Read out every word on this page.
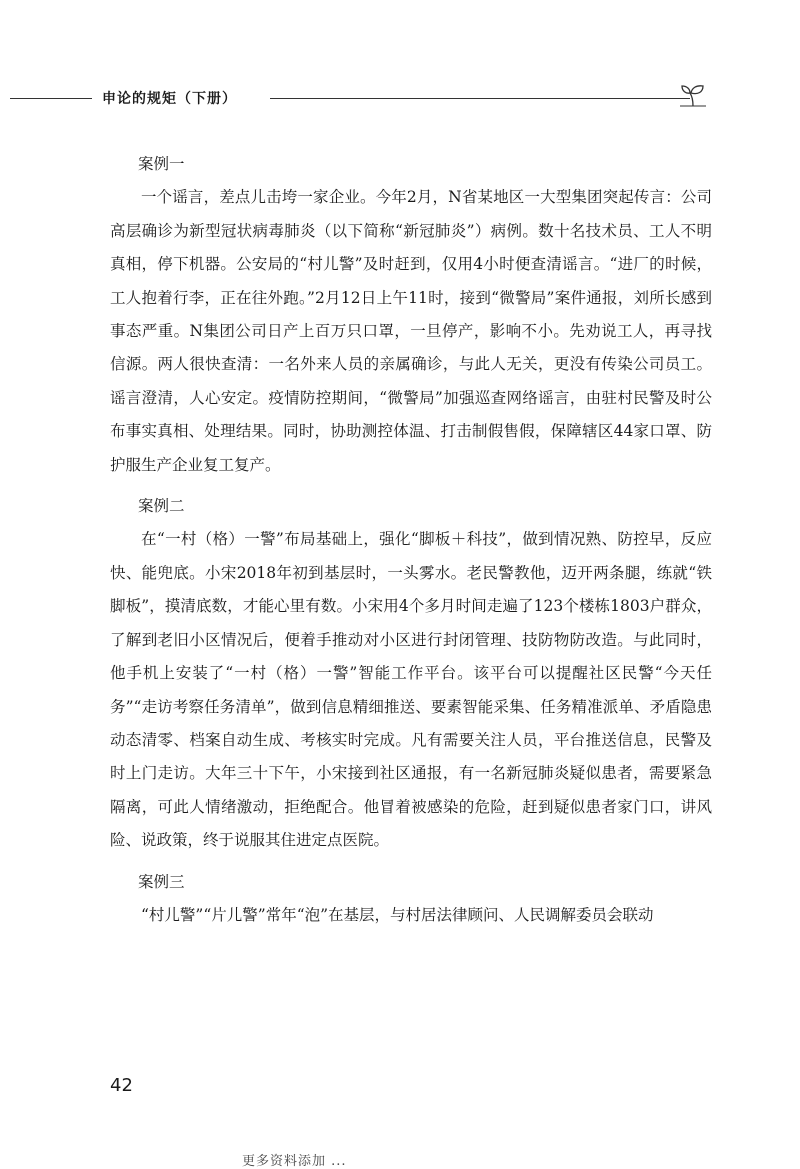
申论的规矩（下册）
案例一

一个谣言，差点儿击垮一家企业。今年2月，N省某地区一大型集团突起传言：公司高层确诊为新型冠状病毒肺炎（以下简称“新冠肺炎”）病例。数十名技术员、工人不明真相，停下机器。公安局的“村儿警”及时赶到，仅用4小时便查清谣言。“进厂的时候，工人抱着行李，正在往外跑。”2月12日上午11时，接到“微警局”案件通报，刘所长感到事态严重。N集团公司日产上百万只口罩，一旦停产，影响不小。先劝说工人，再寻找信源。两人很快查清：一名外来人员的亲属确诊，与此人无关，更没有传染公司员工。谣言澄清，人心安定。疫情防控期间，“微警局”加强巡查网络谣言，由驻村民警及时公布事实真相、处理结果。同时，协助测控体温、打击制假售假，保障辖区44家口罩、防护服生产企业复工复产。

案例二

在“一村（格）一警”布局基础上，强化“脚板＋科技”，做到情况熟、防控早，反应快、能兜底。小宋2018年初到基层时，一头雾水。老民警教他，迈开两条腿，练就“铁脚板”，摸清底数，才能心里有数。小宋用4个多月时间走遍了123个楼栋1803户群众，了解到老旧小区情况后，便着手推动对小区进行封闭管理、技防物防改造。与此同时，他手机上安装了“一村（格）一警”智能工作平台。该平台可以提醒社区民警“今天任务”“走访考察任务清单”，做到信息精细推送、要素智能采集、任务精准派单、矛盾隐患动态清零、档案自动生成、考核实时完成。凡有需要关注人员，平台推送信息，民警及时上门走访。大年三十下午，小宋接到社区通报，有一名新冠肺炎疑似患者，需要紧急隔离，可此人情绪激动，拒绝配合。他冒着被感染的危险，赶到疑似患者家门口，讲风险、说政策，终于说服其住进定点医院。

案例三

“村儿警”“片儿警”常年“泡”在基层，与村居法律顾问、人民调解委员会联动

42
更多资料添加 ...
